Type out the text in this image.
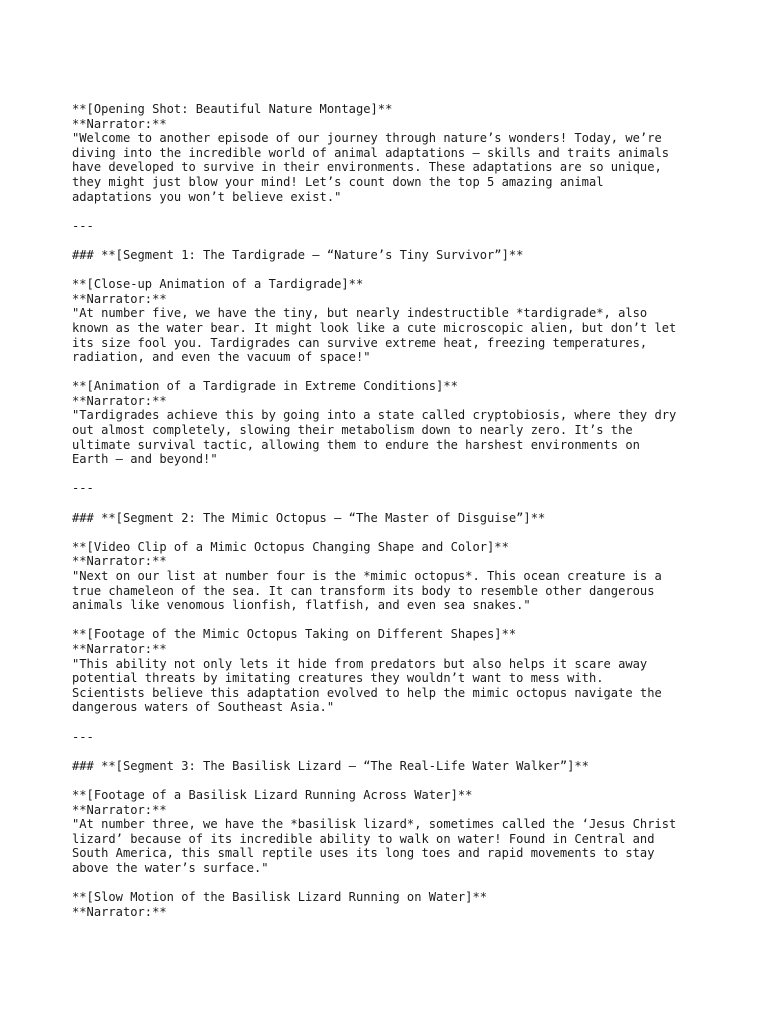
**[Opening Shot: Beautiful Nature Montage]**
**Narrator:**
"Welcome to another episode of our journey through nature’s wonders! Today, we’re
diving into the incredible world of animal adaptations – skills and traits animals
have developed to survive in their environments. These adaptations are so unique,
they might just blow your mind! Let’s count down the top 5 amazing animal
adaptations you won’t believe exist."

---

### **[Segment 1: The Tardigrade – “Nature’s Tiny Survivor”]**

**[Close-up Animation of a Tardigrade]**
**Narrator:**
"At number five, we have the tiny, but nearly indestructible *tardigrade*, also
known as the water bear. It might look like a cute microscopic alien, but don’t let
its size fool you. Tardigrades can survive extreme heat, freezing temperatures,
radiation, and even the vacuum of space!"

**[Animation of a Tardigrade in Extreme Conditions]**
**Narrator:**
"Tardigrades achieve this by going into a state called cryptobiosis, where they dry
out almost completely, slowing their metabolism down to nearly zero. It’s the
ultimate survival tactic, allowing them to endure the harshest environments on
Earth – and beyond!"

---

### **[Segment 2: The Mimic Octopus – “The Master of Disguise”]**

**[Video Clip of a Mimic Octopus Changing Shape and Color]**
**Narrator:**
"Next on our list at number four is the *mimic octopus*. This ocean creature is a
true chameleon of the sea. It can transform its body to resemble other dangerous
animals like venomous lionfish, flatfish, and even sea snakes."

**[Footage of the Mimic Octopus Taking on Different Shapes]**
**Narrator:**
"This ability not only lets it hide from predators but also helps it scare away
potential threats by imitating creatures they wouldn’t want to mess with.
Scientists believe this adaptation evolved to help the mimic octopus navigate the
dangerous waters of Southeast Asia."

---

### **[Segment 3: The Basilisk Lizard – “The Real-Life Water Walker”]**

**[Footage of a Basilisk Lizard Running Across Water]**
**Narrator:**
"At number three, we have the *basilisk lizard*, sometimes called the ‘Jesus Christ
lizard’ because of its incredible ability to walk on water! Found in Central and
South America, this small reptile uses its long toes and rapid movements to stay
above the water’s surface."

**[Slow Motion of the Basilisk Lizard Running on Water]**
**Narrator:**
